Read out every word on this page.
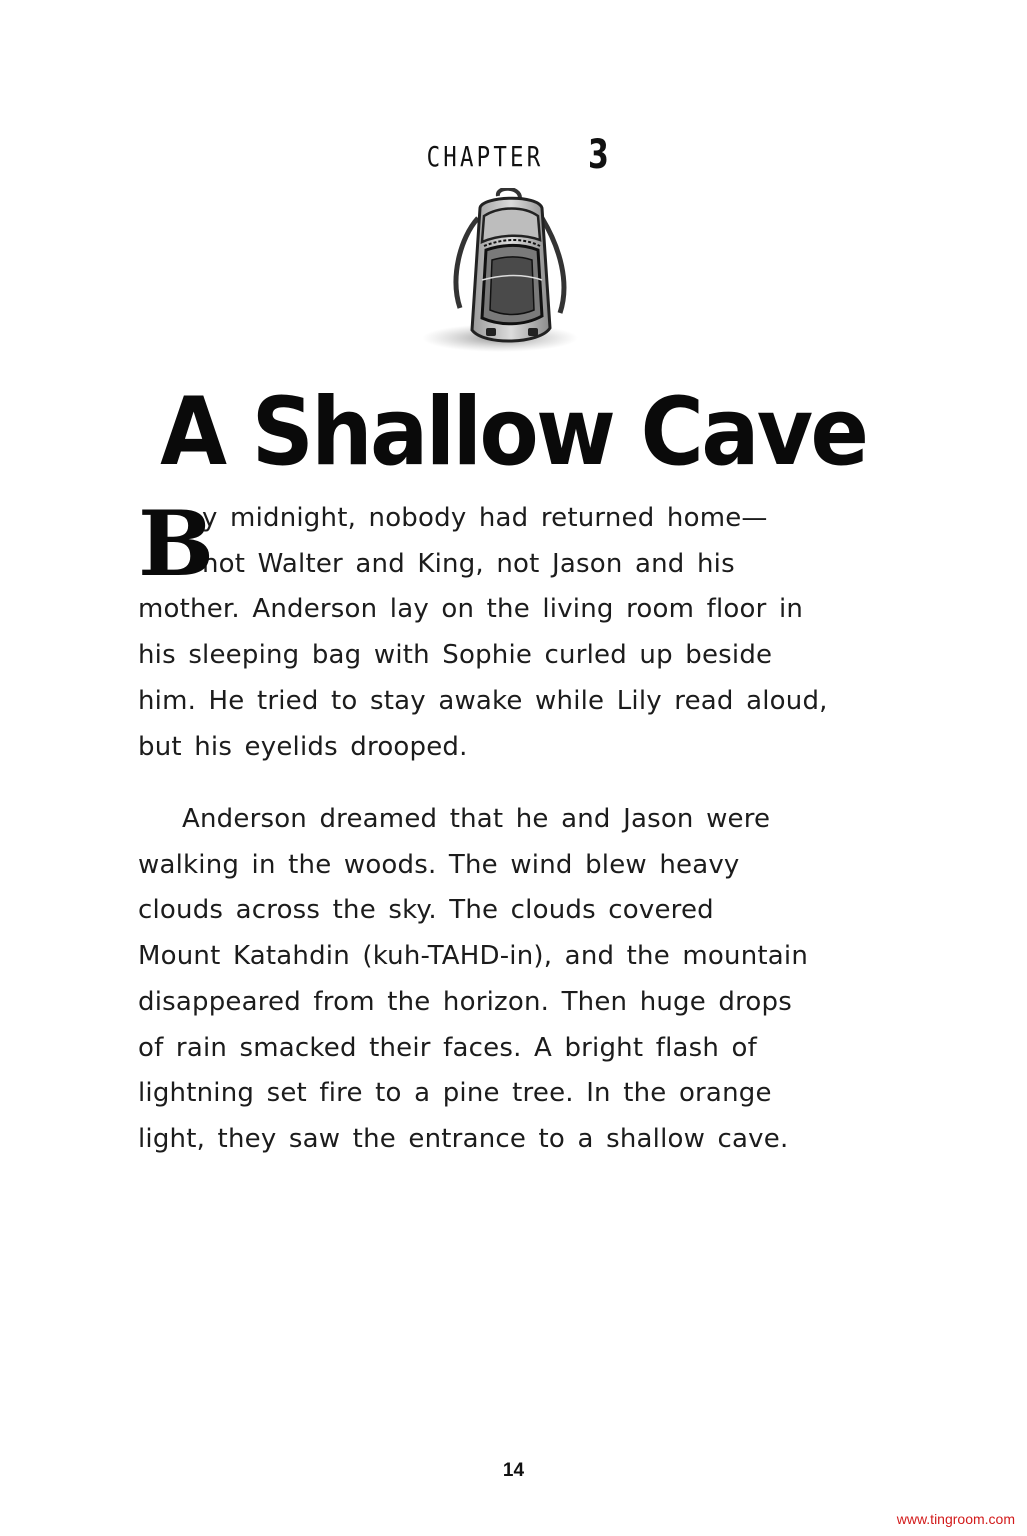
CHAPTER 3
A Shallow Cave
B
y midnight, nobody had returned home—
not Walter and King, not Jason and his
mother. Anderson lay on the living room floor in
his sleeping bag with Sophie curled up beside
him. He tried to stay awake while Lily read aloud,
but his eyelids drooped.
Anderson dreamed that he and Jason were
walking in the woods. The wind blew heavy
clouds across the sky. The clouds covered
Mount Katahdin (kuh-TAHD-in), and the mountain
disappeared from the horizon. Then huge drops
of rain smacked their faces. A bright flash of
lightning set fire to a pine tree. In the orange
light, they saw the entrance to a shallow cave.
14
www.tingroom.com
